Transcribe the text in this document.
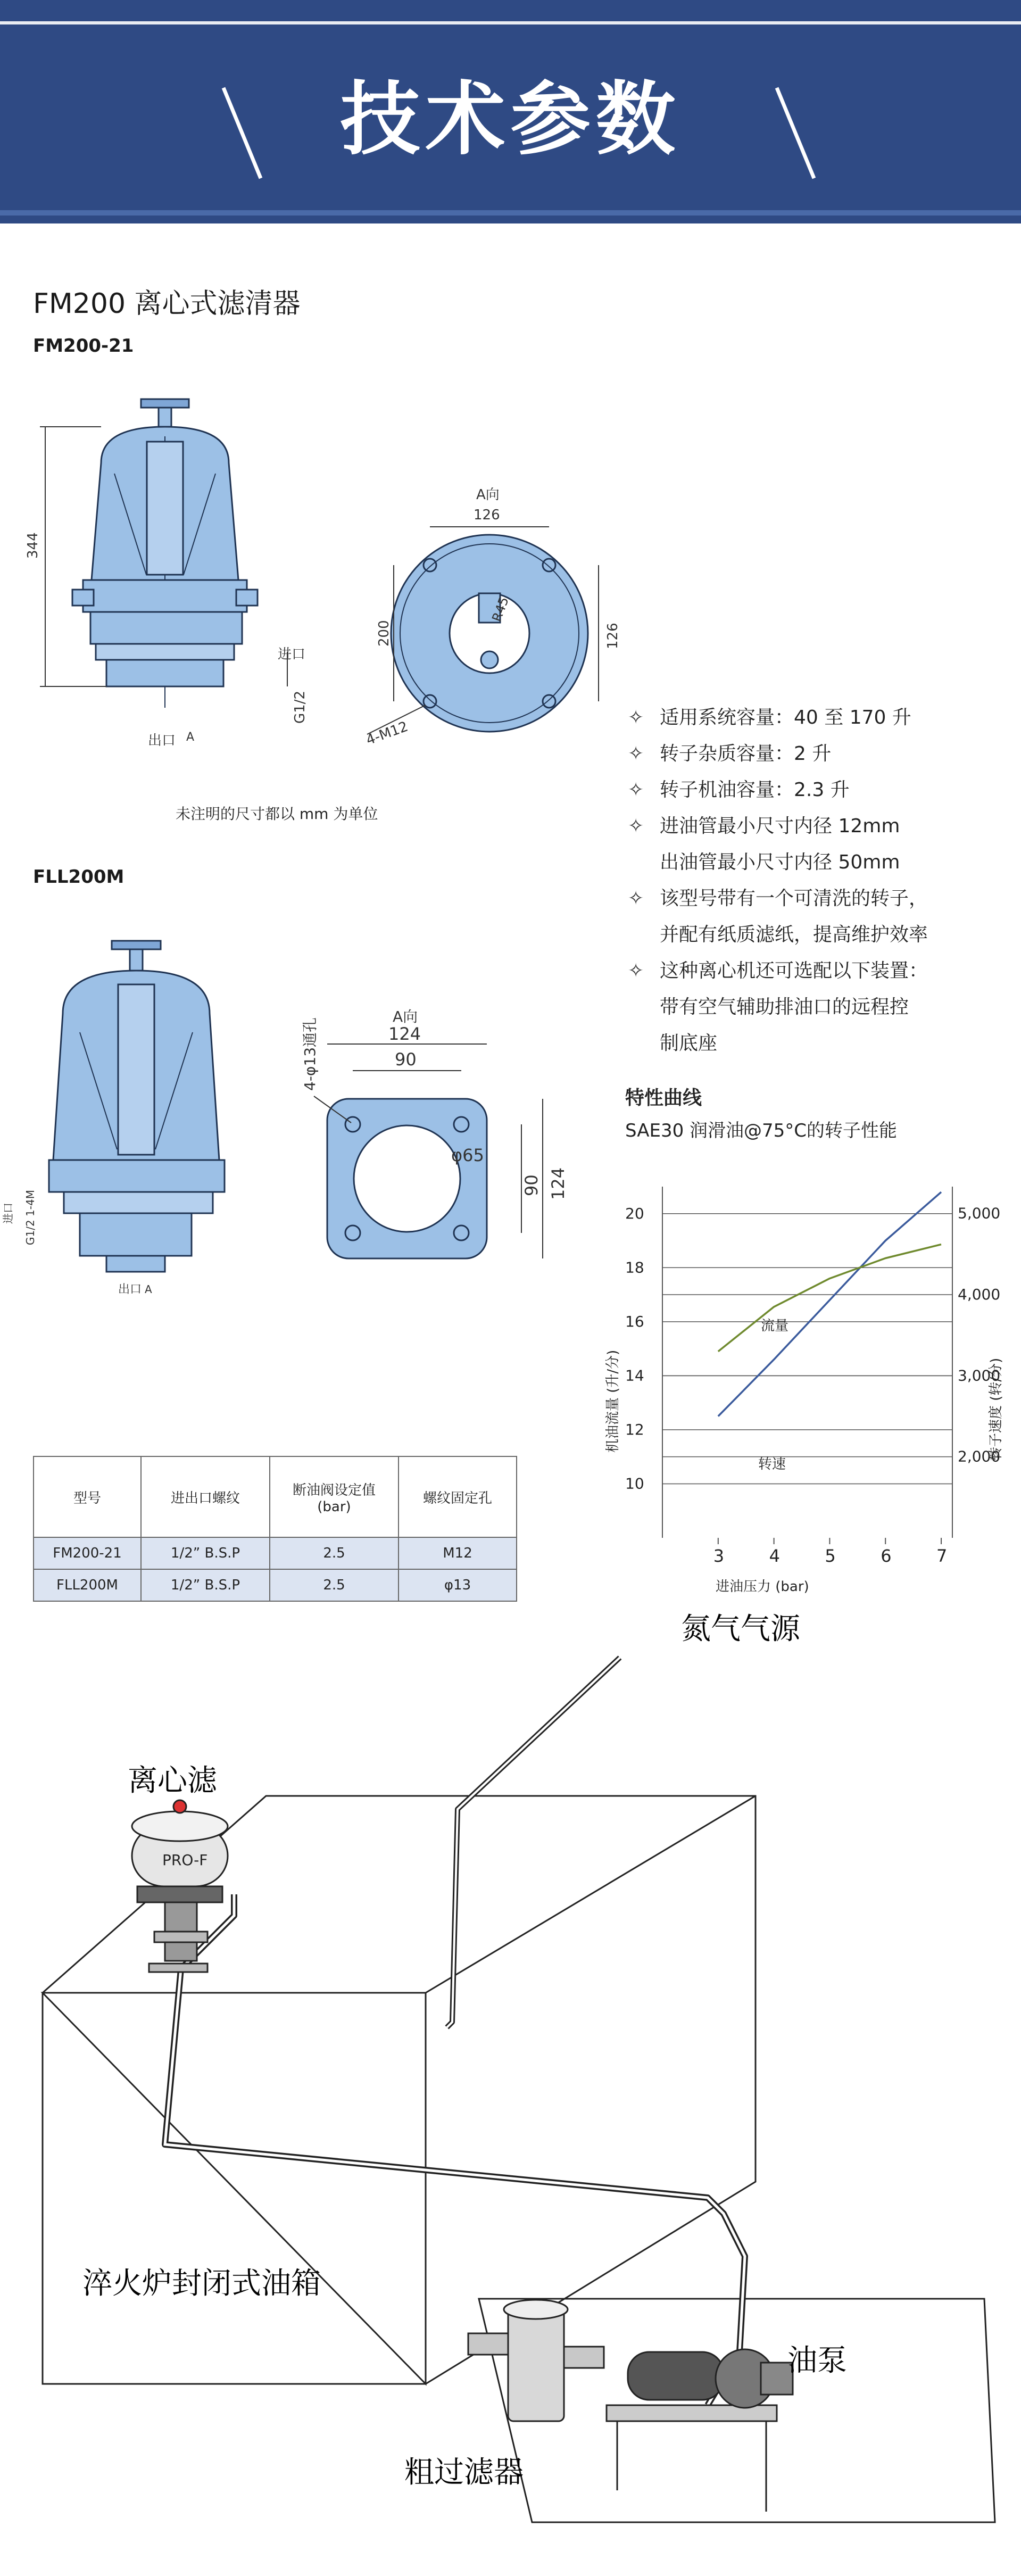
技术参数
FM200 离心式滤清器
FM200-21
344
进口
G1/2
出口 A
A向
126
200	126
R45
4-M12
未注明的尺寸都以 mm 为单位
✧ 适用系统容量：40 至 170 升
✧ 转子杂质容量：2 升
✧ 转子机油容量：2.3 升
✧ 进油管最小尺寸内径 12mm
出油管最小尺寸内径 50mm
✧ 该型号带有一个可清洗的转子，
并配有纸质滤纸，提高维护效率
✧ 这种离心机还可选配以下装置：
带有空气辅助排油口的远程控
制底座
FLL200M
进口 G1/2 1-4M
出口 A
A向
124
90
4-φ13通孔
φ65
90 124
特性曲线
SAE30 润滑油@75°C的转子性能
10
12
14
16
18
20
2,000
3,000
4,000
5,000
3	4	5	6	7
进油压力 (bar)
机油流量 (升/分)	转子速度 (转/分)
流量
转速
型号	进出口螺纹	断油阀设定值
(bar)	螺纹固定孔
FM200-21	1/2” B.S.P	2.5	M12
FLL200M	1/2” B.S.P	2.5	φ13
PRO-F
氮气气源
离心滤
淬火炉封闭式油箱
油泵
粗过滤器
